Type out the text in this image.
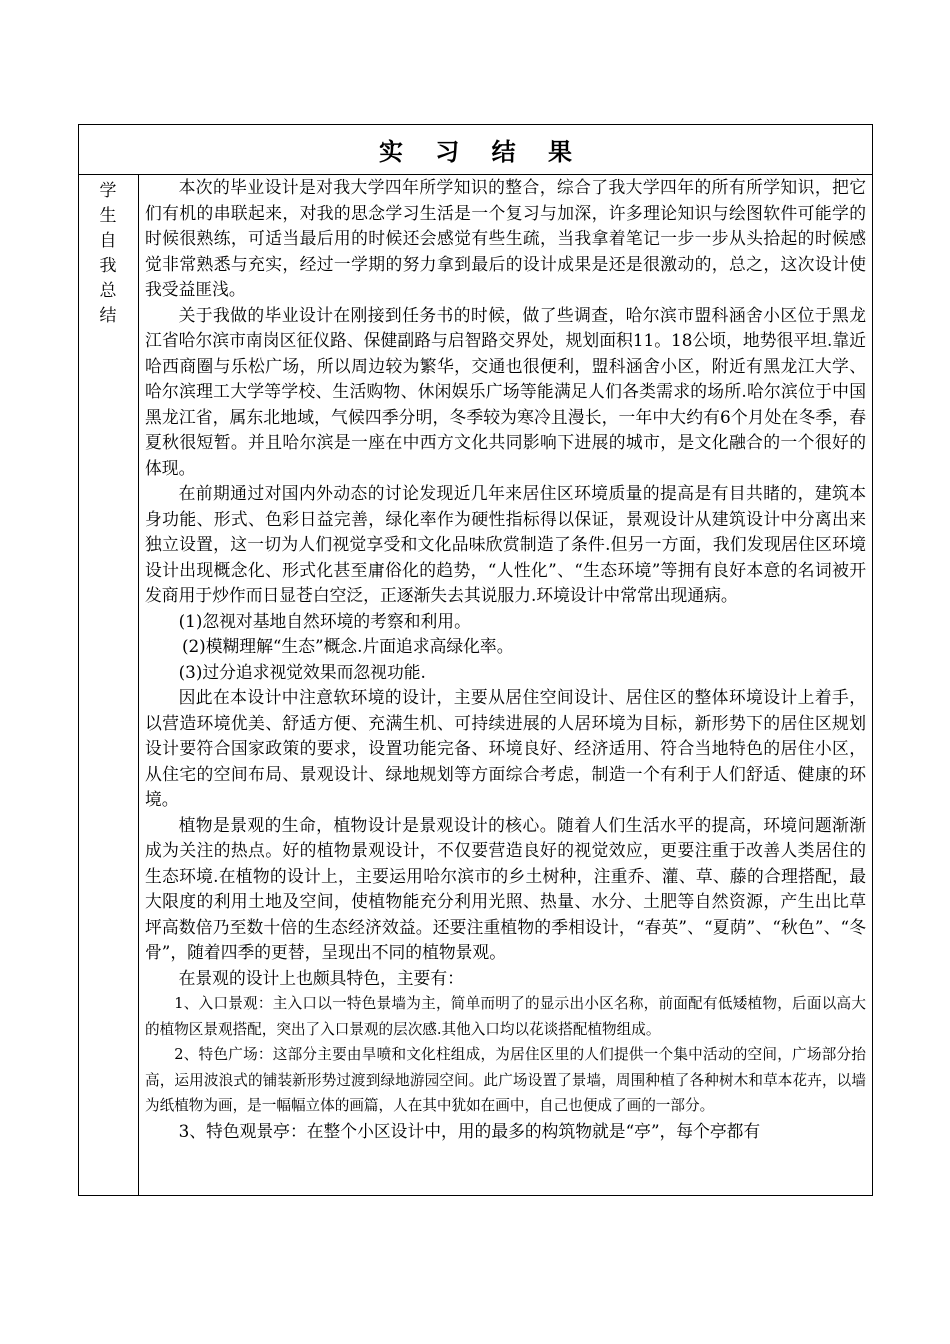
实 习 结 果
学
生
自
我
总
结

本次的毕业设计是对我大学四年所学知识的整合，综合了我大学四年的所有所学知识，把它们有机的串联起来，对我的思念学习生活是一个复习与加深，许多理论知识与绘图软件可能学的时候很熟练，可适当最后用的时候还会感觉有些生疏，当我拿着笔记一步一步从头拾起的时候感觉非常熟悉与充实，经过一学期的努力拿到最后的设计成果是还是很激动的，总之，这次设计使我受益匪浅。

关于我做的毕业设计在刚接到任务书的时候，做了些调查，哈尔滨市盟科涵舍小区位于黑龙江省哈尔滨市南岗区征仪路、保健副路与启智路交界处，规划面积11。18公顷，地势很平坦.靠近哈西商圈与乐松广场，所以周边较为繁华，交通也很便利，盟科涵舍小区，附近有黑龙江大学、哈尔滨理工大学等学校、生活购物、休闲娱乐广场等能满足人们各类需求的场所.哈尔滨位于中国黑龙江省，属东北地域，气候四季分明，冬季较为寒冷且漫长，一年中大约有6个月处在冬季，春夏秋很短暂。并且哈尔滨是一座在中西方文化共同影响下进展的城市，是文化融合的一个很好的体现。

在前期通过对国内外动态的讨论发现近几年来居住区环境质量的提高是有目共睹的，建筑本身功能、形式、色彩日益完善，绿化率作为硬性指标得以保证，景观设计从建筑设计中分离出来独立设置，这一切为人们视觉享受和文化品味欣赏制造了条件.但另一方面，我们发现居住区环境设计出现概念化、形式化甚至庸俗化的趋势，“人性化”、“生态环境”等拥有良好本意的名词被开发商用于炒作而日显苍白空泛，正逐渐失去其说服力.环境设计中常常出现通病。

(1)忽视对基地自然环境的考察和利用。

(2)模糊理解“生态”概念.片面追求高绿化率。

(3)过分追求视觉效果而忽视功能.

因此在本设计中注意软环境的设计，主要从居住空间设计、居住区的整体环境设计上着手，以营造环境优美、舒适方便、充满生机、可持续进展的人居环境为目标，新形势下的居住区规划设计要符合国家政策的要求，设置功能完备、环境良好、经济适用、符合当地特色的居住小区，从住宅的空间布局、景观设计、绿地规划等方面综合考虑，制造一个有利于人们舒适、健康的环境。

植物是景观的生命，植物设计是景观设计的核心。随着人们生活水平的提高，环境问题渐渐成为关注的热点。好的植物景观设计，不仅要营造良好的视觉效应，更要注重于改善人类居住的生态环境.在植物的设计上，主要运用哈尔滨市的乡土树种，注重乔、灌、草、藤的合理搭配，最大限度的利用土地及空间，使植物能充分利用光照、热量、水分、土肥等自然资源，产生出比草坪高数倍乃至数十倍的生态经济效益。还要注重植物的季相设计，“春英”、“夏荫”、“秋色”、“冬骨”，随着四季的更替，呈现出不同的植物景观。

在景观的设计上也颇具特色，主要有：

1、入口景观：主入口以一特色景墙为主，简单而明了的显示出小区名称，前面配有低矮植物，后面以高大的植物区景观搭配，突出了入口景观的层次感.其他入口均以花谈搭配植物组成。

2、特色广场：这部分主要由旱喷和文化柱组成，为居住区里的人们提供一个集中活动的空间，广场部分抬高，运用波浪式的铺装新形势过渡到绿地游园空间。此广场设置了景墙，周围种植了各种树木和草本花卉，以墙为纸植物为画，是一幅幅立体的画篇，人在其中犹如在画中，自己也便成了画的一部分。

3、特色观景亭：在整个小区设计中，用的最多的构筑物就是“亭”，每个亭都有
